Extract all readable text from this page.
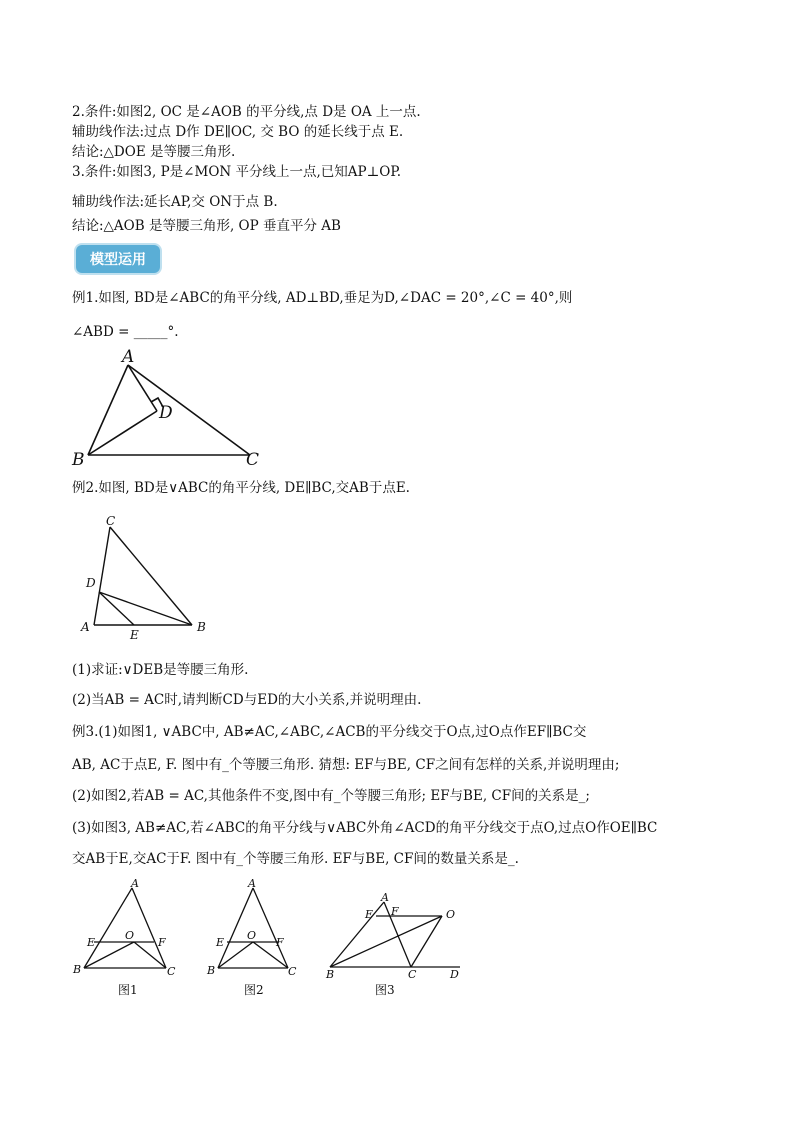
2.条件:如图2, OC 是∠AOB 的平分线,点 D是 OA 上一点.
辅助线作法:过点 D作 DE∥OC, 交 BO 的延长线于点 E.
结论:△DOE 是等腰三角形.
3.条件:如图3, P是∠MON 平分线上一点,已知AP⊥OP.
辅助线作法:延长AP,交 ON于点 B.
结论:△AOB 是等腰三角形, OP 垂直平分 AB
模型运用
例1.如图, BD是∠ABC的角平分线, AD⊥BD,垂足为D,∠DAC = 20°,∠C = 40°,则
∠ABD = _____°.
A
B	C
D
例2.如图, BD是∨ABC的角平分线, DE∥BC,交AB于点E.
C
D
A
E
B
(1)求证:∨DEB是等腰三角形.
(2)当AB = AC时,请判断CD与ED的大小关系,并说明理由.
例3.(1)如图1, ∨ABC中, AB≠AC,∠ABC,∠ACB的平分线交于O点,过O点作EF∥BC交
AB, AC于点E, F. 图中有_个等腰三角形. 猜想: EF与BE, CF之间有怎样的关系,并说明理由;
(2)如图2,若AB = AC,其他条件不变,图中有_个等腰三角形; EF与BE, CF间的关系是_;
(3)如图3, AB≠AC,若∠ABC的角平分线与∨ABC外角∠ACD的角平分线交于点O,过点O作OE∥BC
交AB于E,交AC于F. 图中有_个等腰三角形. EF与BE, CF间的数量关系是_.
A
E
O
F
B	C
图1
A
E
O
F
B	C
图2
A
E F	O
B	C	D
图3
